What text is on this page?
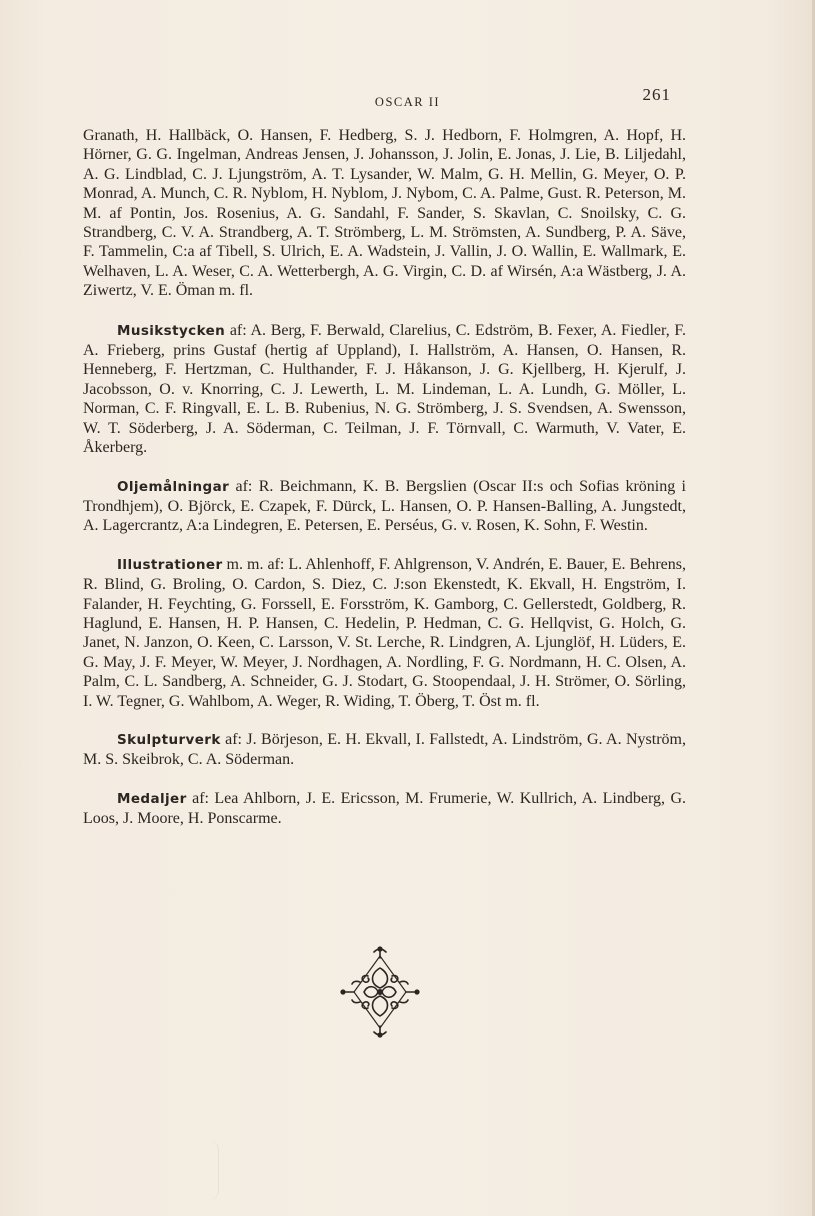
OSCAR II	261

Granath, H. Hallbäck, O. Hansen, F. Hedberg, S. J. Hedborn, F. Holmgren, A. Hopf, H. Hörner, G. G. Ingelman, Andreas Jensen, J. Johansson, J. Jolin, E. Jonas, J. Lie, B. Liljedahl, A. G. Lindblad, C. J. Ljungström, A. T. Lysander, W. Malm, G. H. Mellin, G. Meyer, O. P. Monrad, A. Munch, C. R. Nyblom, H. Nyblom, J. Nybom, C. A. Palme, Gust. R. Peterson, M. M. af Pontin, Jos. Rosenius, A. G. Sandahl, F. Sander, S. Skavlan, C. Snoilsky, C. G. Strandberg, C. V. A. Strandberg, A. T. Strömberg, L. M. Strömsten, A. Sundberg, P. A. Säve, F. Tammelin, C:a af Tibell, S. Ulrich, E. A. Wadstein, J. Vallin, J. O. Wallin, E. Wallmark, E. Welhaven, L. A. Weser, C. A. Wetterbergh, A. G. Virgin, C. D. af Wirsén, A:a Wästberg, J. A. Ziwertz, V. E. Öman m. fl.

Musikstycken af: A. Berg, F. Berwald, Clarelius, C. Edström, B. Fexer, A. Fiedler, F. A. Frieberg, prins Gustaf (hertig af Uppland), I. Hallström, A. Hansen, O. Hansen, R. Henneberg, F. Hertzman, C. Hulthander, F. J. Håkanson, J. G. Kjellberg, H. Kjerulf, J. Jacobsson, O. v. Knorring, C. J. Lewerth, L. M. Lindeman, L. A. Lundh, G. Möller, L. Norman, C. F. Ringvall, E. L. B. Rubenius, N. G. Strömberg, J. S. Svendsen, A. Swensson, W. T. Söderberg, J. A. Söderman, C. Teilman, J. F. Törnvall, C. Warmuth, V. Vater, E. Åkerberg.

Oljemålningar af: R. Beichmann, K. B. Bergslien (Oscar II:s och Sofias kröning i Trondhjem), O. Björck, E. Czapek, F. Dürck, L. Hansen, O. P. Hansen-Balling, A. Jungstedt, A. Lagercrantz, A:a Lindegren, E. Petersen, E. Perséus, G. v. Rosen, K. Sohn, F. Westin.

Illustrationer m. m. af: L. Ahlenhoff, F. Ahlgrenson, V. Andrén, E. Bauer, E. Behrens, R. Blind, G. Broling, O. Cardon, S. Diez, C. J:son Ekenstedt, K. Ekvall, H. Engström, I. Falander, H. Feychting, G. Forssell, E. Forsström, K. Gamborg, C. Gellerstedt, Goldberg, R. Haglund, E. Hansen, H. P. Hansen, C. Hedelin, P. Hedman, C. G. Hellqvist, G. Holch, G. Janet, N. Janzon, O. Keen, C. Larsson, V. St. Lerche, R. Lindgren, A. Ljunglöf, H. Lüders, E. G. May, J. F. Meyer, W. Meyer, J. Nordhagen, A. Nordling, F. G. Nordmann, H. C. Olsen, A. Palm, C. L. Sandberg, A. Schneider, G. J. Stodart, G. Stoopendaal, J. H. Strömer, O. Sörling, I. W. Tegner, G. Wahlbom, A. Weger, R. Widing, T. Öberg, T. Öst m. fl.

Skulpturverk af: J. Börjeson, E. H. Ekvall, I. Fallstedt, A. Lindström, G. A. Nyström, M. S. Skeibrok, C. A. Söderman.

Medaljer af: Lea Ahlborn, J. E. Ericsson, M. Frumerie, W. Kullrich, A. Lindberg, G. Loos, J. Moore, H. Ponscarme.
